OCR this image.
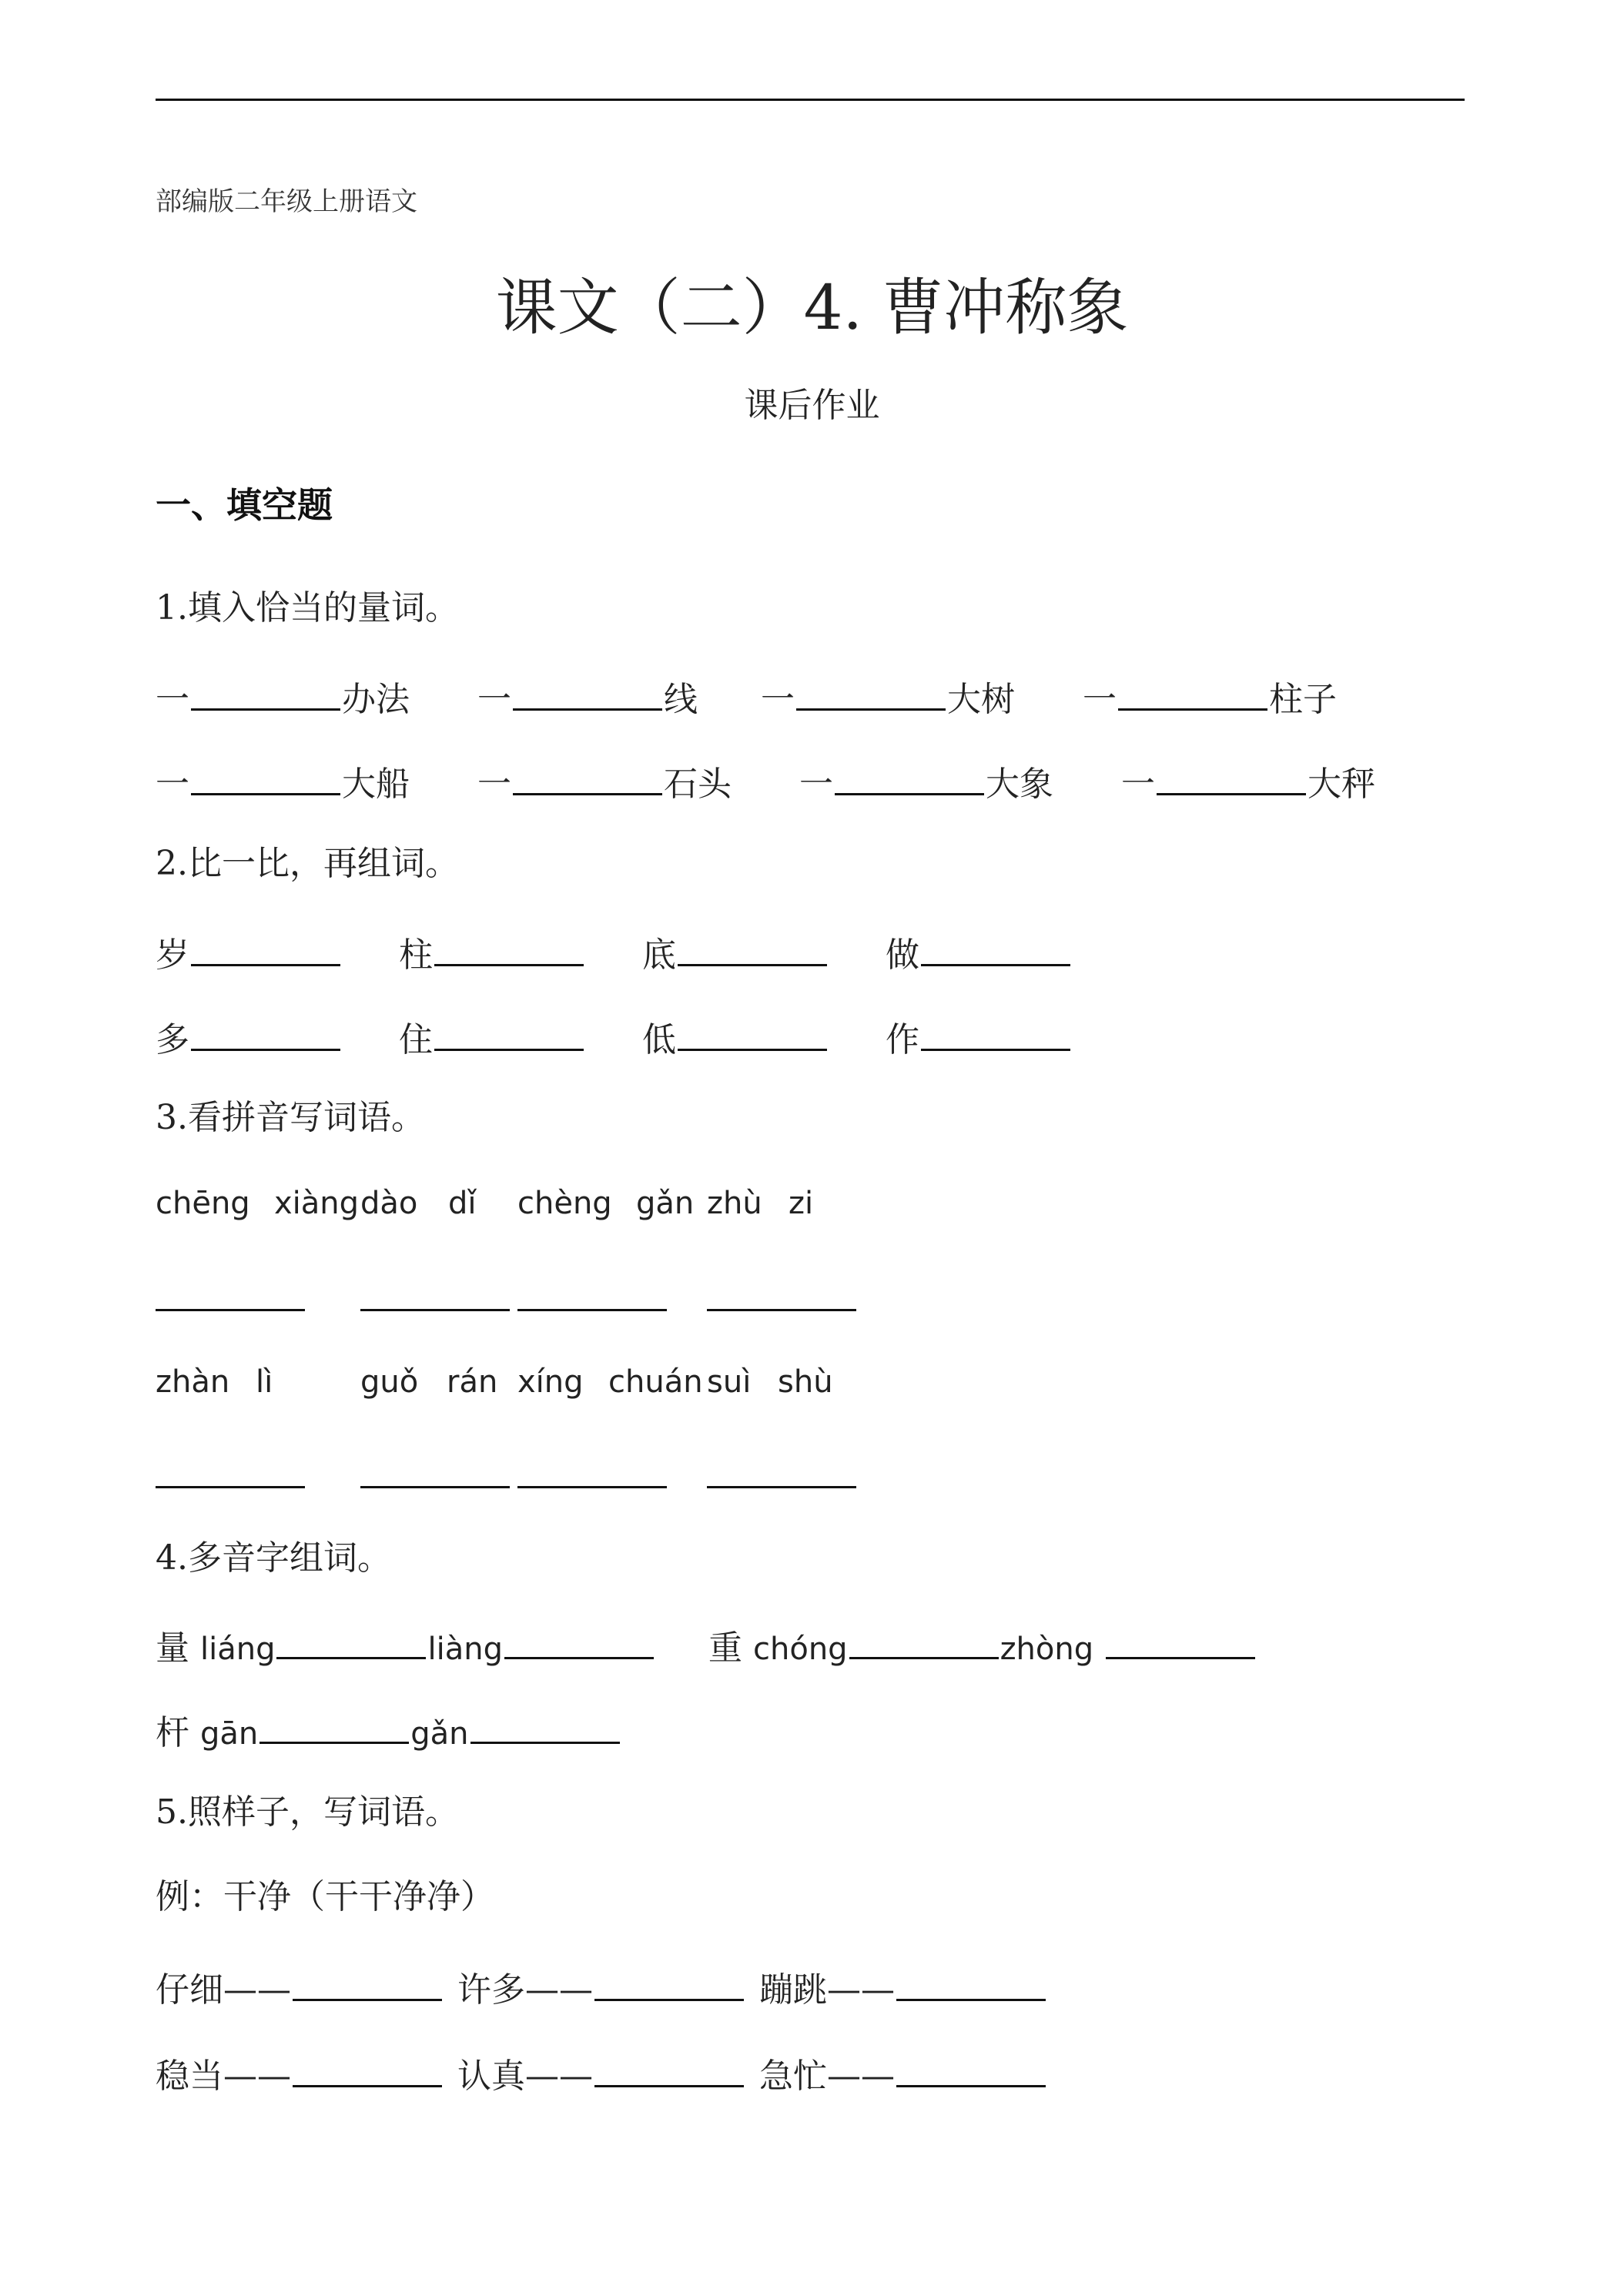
部编版二年级上册语文
课文（二）4. 曹冲称象
课后作业
一、填空题
1.填入恰当的量词。
一	办法 一	线 一	大树 一	柱子
一	大船 一	石头 一	大象 一	大秤
2.比一比，再组词。
岁	柱	底	做
多	住	低	作
3.看拼音写词语。
chēng xiàng dào dǐ chèng gǎn zhù zi
zhàn lì	guǒ rán xíng chuán suì shù
4.多音字组词。
量 liáng	liàng	重 chóng	zhòng
杆 gān	gǎn
5.照样子，写词语。
例：干净（干干净净）
仔细——	许多——	蹦跳——
稳当——	认真——	急忙——
